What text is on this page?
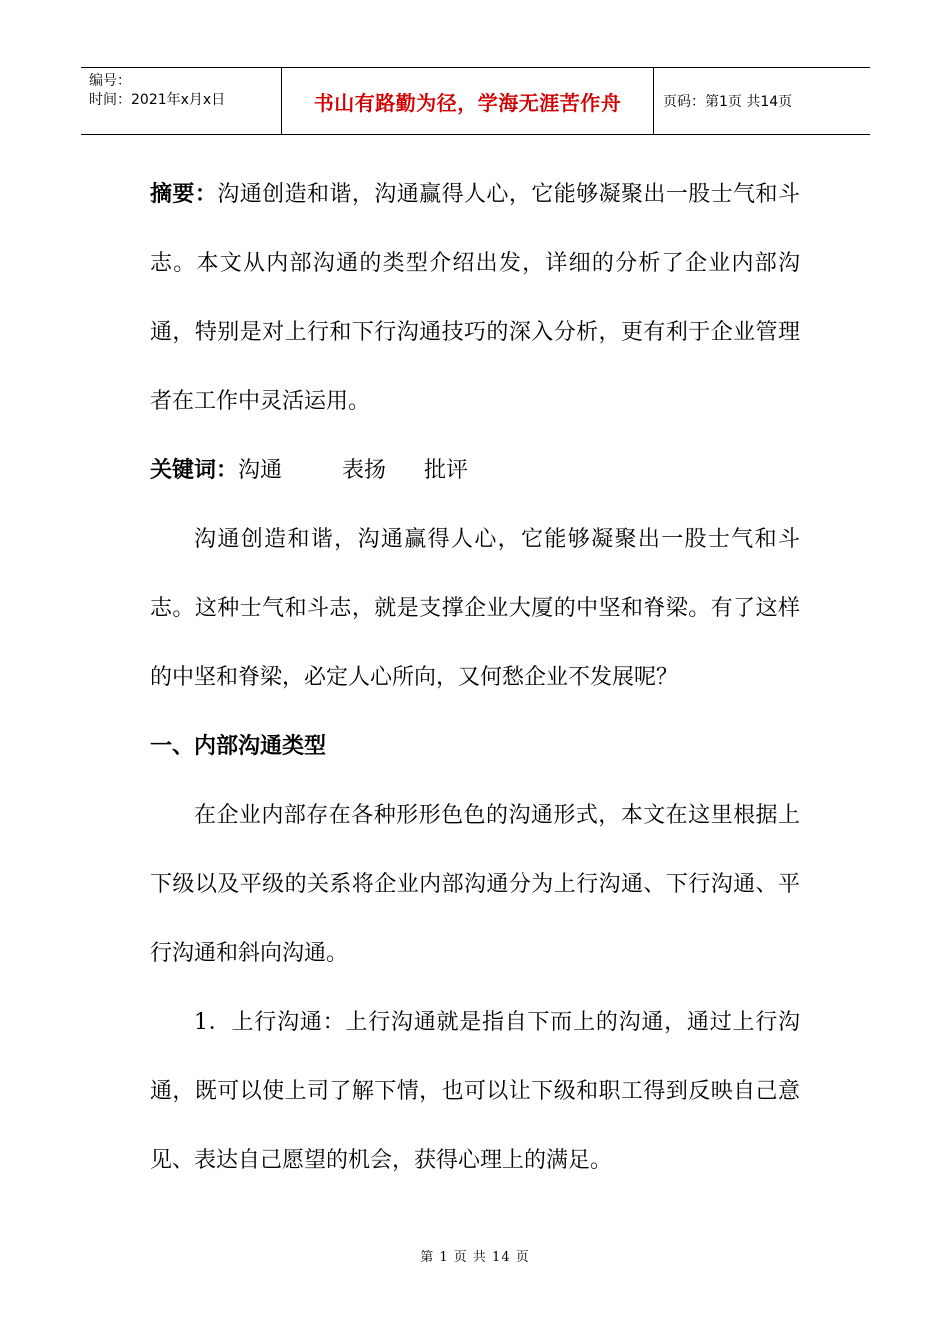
编号：
时间：2021年x月x日	书山有路勤为径，学海无涯苦作舟	页码：第1页 共14页

摘要：沟通创造和谐，沟通赢得人心，它能够凝聚出一股士气和斗志。本文从内部沟通的类型介绍出发，详细的分析了企业内部沟通，特别是对上行和下行沟通技巧的深入分析，更有利于企业管理者在工作中灵活运用。

关键词：沟通	表扬 批评

沟通创造和谐，沟通赢得人心，它能够凝聚出一股士气和斗志。这种士气和斗志，就是支撑企业大厦的中坚和脊梁。有了这样的中坚和脊梁，必定人心所向，又何愁企业不发展呢？

一、内部沟通类型

在企业内部存在各种形形色色的沟通形式，本文在这里根据上下级以及平级的关系将企业内部沟通分为上行沟通、下行沟通、平行沟通和斜向沟通。

1．上行沟通：上行沟通就是指自下而上的沟通，通过上行沟通，既可以使上司了解下情，也可以让下级和职工得到反映自己意见、表达自己愿望的机会，获得心理上的满足。

第 1 页 共 14 页
